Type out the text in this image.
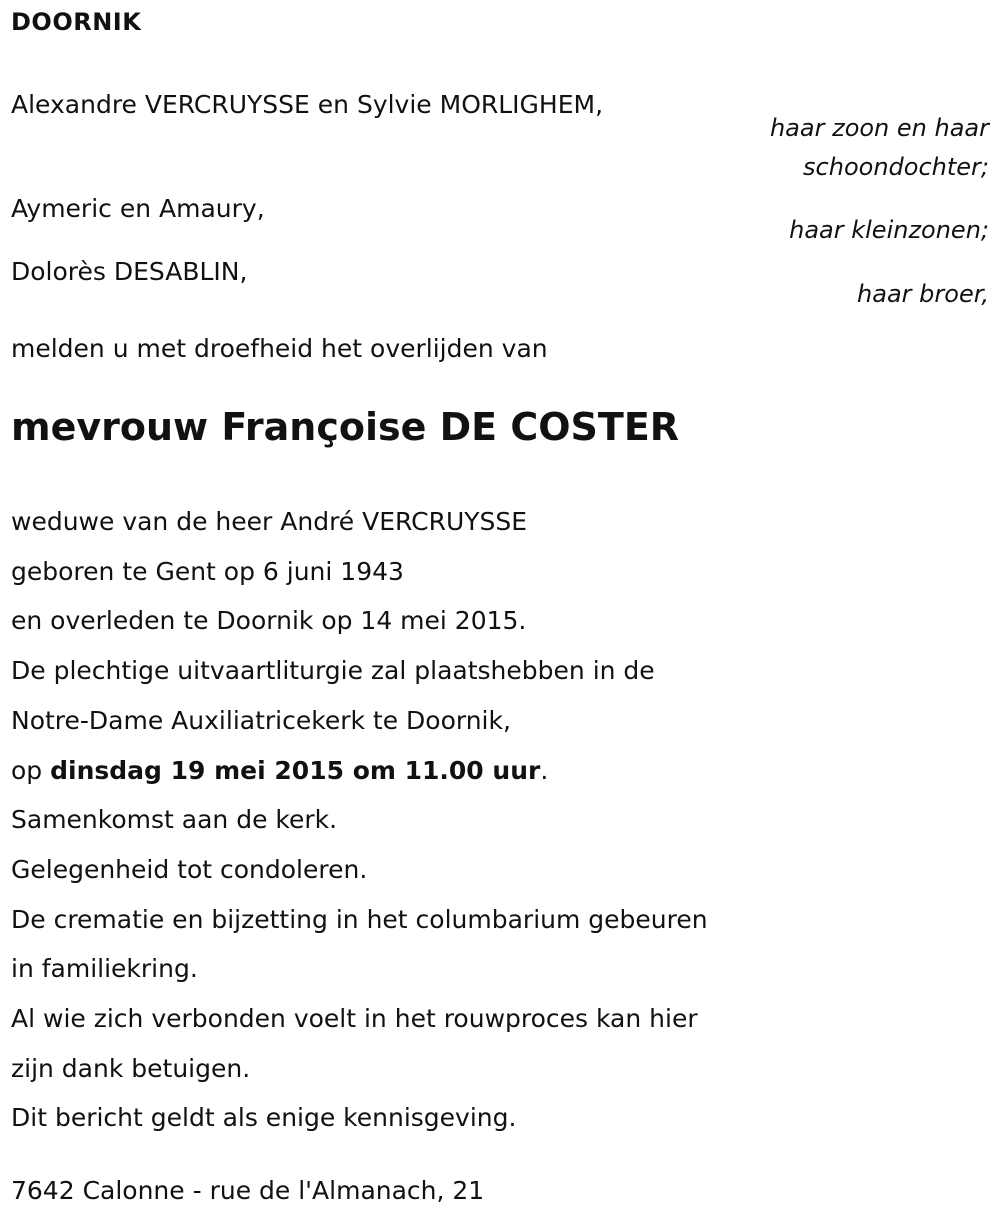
DOORNIK
Alexandre VERCRUYSSE en Sylvie MORLIGHEM,
haar zoon en haar
schoondochter;
Aymeric en Amaury,
haar kleinzonen;
Dolorès DESABLIN,
haar broer,
melden u met droefheid het overlijden van
mevrouw Françoise DE COSTER
weduwe van de heer André VERCRUYSSE
geboren te Gent op 6 juni 1943
en overleden te Doornik op 14 mei 2015.
De plechtige uitvaartliturgie zal plaatshebben in de
Notre-Dame Auxiliatricekerk te Doornik,
op dinsdag 19 mei 2015 om 11.00 uur.
Samenkomst aan de kerk.
Gelegenheid tot condoleren.
De crematie en bijzetting in het columbarium gebeuren
in familiekring.
Al wie zich verbonden voelt in het rouwproces kan hier
zijn dank betuigen.
Dit bericht geldt als enige kennisgeving.
7642 Calonne - rue de l'Almanach, 21
